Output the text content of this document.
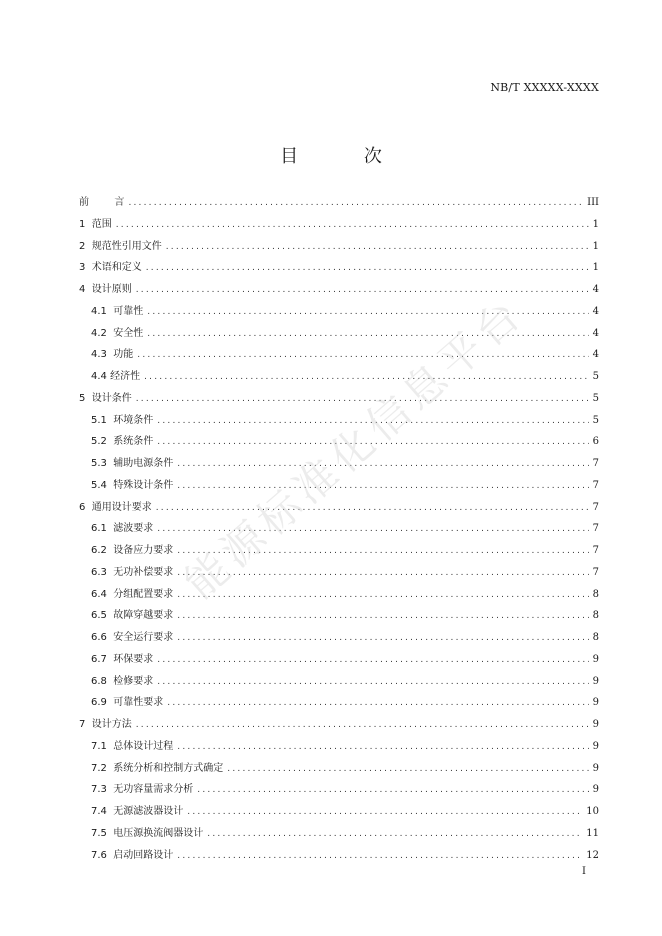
NB/T XXXXX-XXXX
目 次
前        言 .....	III
1  范围 .....	1
2  规范性引用文件 .....	1
3  术语和定义 .....	1
4  设计原则 .....	4
4.1  可靠性 .....	4
4.2  安全性 .....	4
4.3  功能 .....	4
4.4 经济性 .....	5
5  设计条件 .....	5
5.1  环境条件 .....	5
5.2  系统条件 .....	6
5.3  辅助电源条件 .....	7
5.4  特殊设计条件 .....	7
6  通用设计要求 .....	7
6.1  滤波要求 .....	7
6.2  设备应力要求 .....	7
6.3  无功补偿要求 .....	7
6.4  分组配置要求 .....	8
6.5  故障穿越要求 .....	8
6.6  安全运行要求 .....	8
6.7  环保要求 .....	9
6.8  检修要求 .....	9
6.9  可靠性要求 .....	9
7  设计方法 .....	9
7.1  总体设计过程 .....	9
7.2  系统分析和控制方式确定 .....	9
7.3  无功容量需求分析 .....	9
7.4  无源滤波器设计 .....	10
7.5  电压源换流阀器设计 .....	11
7.6  启动回路设计 .....	12
能源标准化信息平台
I
